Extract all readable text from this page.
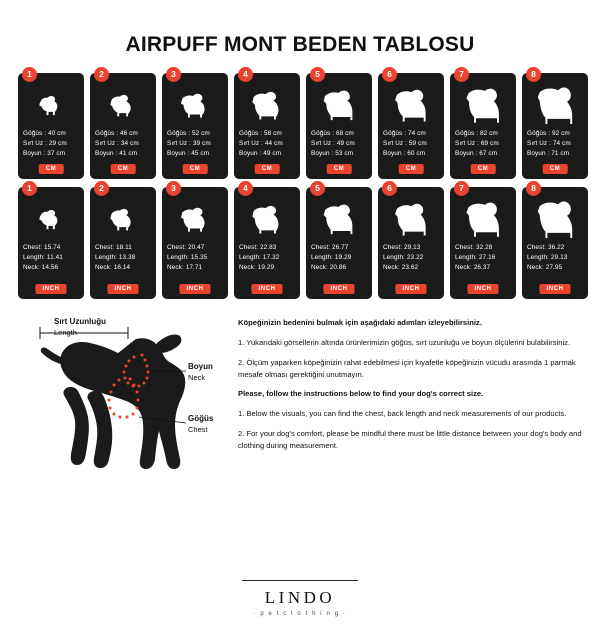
AIRPUFF MONT BEDEN TABLOSU
1
Göğüs : 40 cm
Sırt Uz : 29 cm
Boyun : 37 cm
CM
2
Göğüs : 46 cm
Sırt Uz : 34 cm
Boyun : 41 cm
CM
3
Göğüs : 52 cm
Sırt Uz : 39 cm
Boyun : 45 cm
CM
4
Göğüs : 58 cm
Sırt Uz : 44 cm
Boyun : 49 cm
CM
5
Göğüs : 68 cm
Sırt Uz : 49 cm
Boyun : 53 cm
CM
6
Göğüs : 74 cm
Sırt Uz : 59 cm
Boyun : 60 cm
CM
7
Göğüs : 82 cm
Sırt Uz : 69 cm
Boyun : 67 cm
CM
8
Göğüs : 92 cm
Sırt Uz : 74 cm
Boyun : 71 cm
CM
1
Chest: 15.74
Length: 11.41
Neck: 14.56
INCH
2
Chest: 18.11
Length: 13.38
Neck: 16.14
INCH
3
Chest: 20.47
Length: 15.35
Neck: 17.71
INCH
4
Chest: 22.83
Length: 17.32
Neck: 19.29
INCH
5
Chest: 26.77
Length: 19.29
Neck: 20.86
INCH
6
Chest: 29.13
Length: 23.22
Neck: 23.62
INCH
7
Chest: 32.28
Length: 27.16
Neck: 26.37
INCH
8
Chest: 36.22
Length: 29.13
Neck: 27.95
INCH
Sırt Uzunluğu
Length
Boyun
Neck
Göğüs
Chest

Köpeğinizin bedenini bulmak için aşağıdaki adımları izleyebilirsiniz.

1. Yukarıdaki görsellerin altında ürünlerimizin göğüs, sırt uzunluğu ve boyun ölçülerini bulabilirsiniz.

2. Ölçüm yaparken köpeğinizin rahat edebilmesi için kıyafetle köpeğinizin vücudu arasında 1 parmak mesafe olması gerektiğini unutmayın.

Please, follow the instructions below to find your dog's correct size.

1. Below the visuals, you can find the chest, back length and neck measurements of our products.

2. For your dog's comfort, please be mindful there must be little distance between your dog's body and clothing during measurement.

LINDO
· p e t c l o t h i n g ·
